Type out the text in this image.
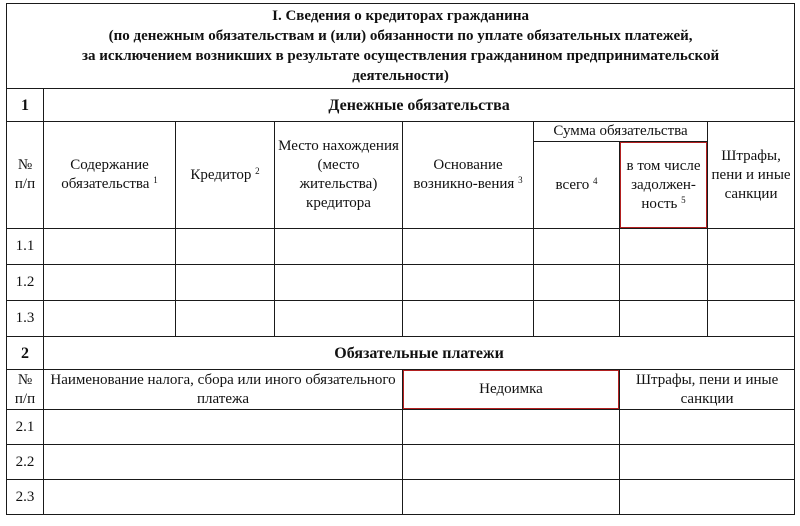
I. Сведения о кредиторах гражданина
(по денежным обязательствам и (или) обязанности по уплате обязательных платежей,
за исключением возникших в результате осуществления гражданином предпринимательской
деятельности)							

1	Денежные обязательства						
№ п/п	Содержание обязательства $^1$	Кредитор $^2$	Место нахождения (место жительства) кредитора	Основание возникно-вения $^3$	Сумма обязательства		Штрафы, пени и иные санкции
					всего $^4$	в том числе задолжен-ность $^5$
1.1							
1.2							
1.3							
2	Обязательные платежи						
№ п/п	Наименование налога, сбора или иного обязательного платежа			Недоимка		Штрафы, пени и иные санкции	
2.1							
2.2							
2.3							
